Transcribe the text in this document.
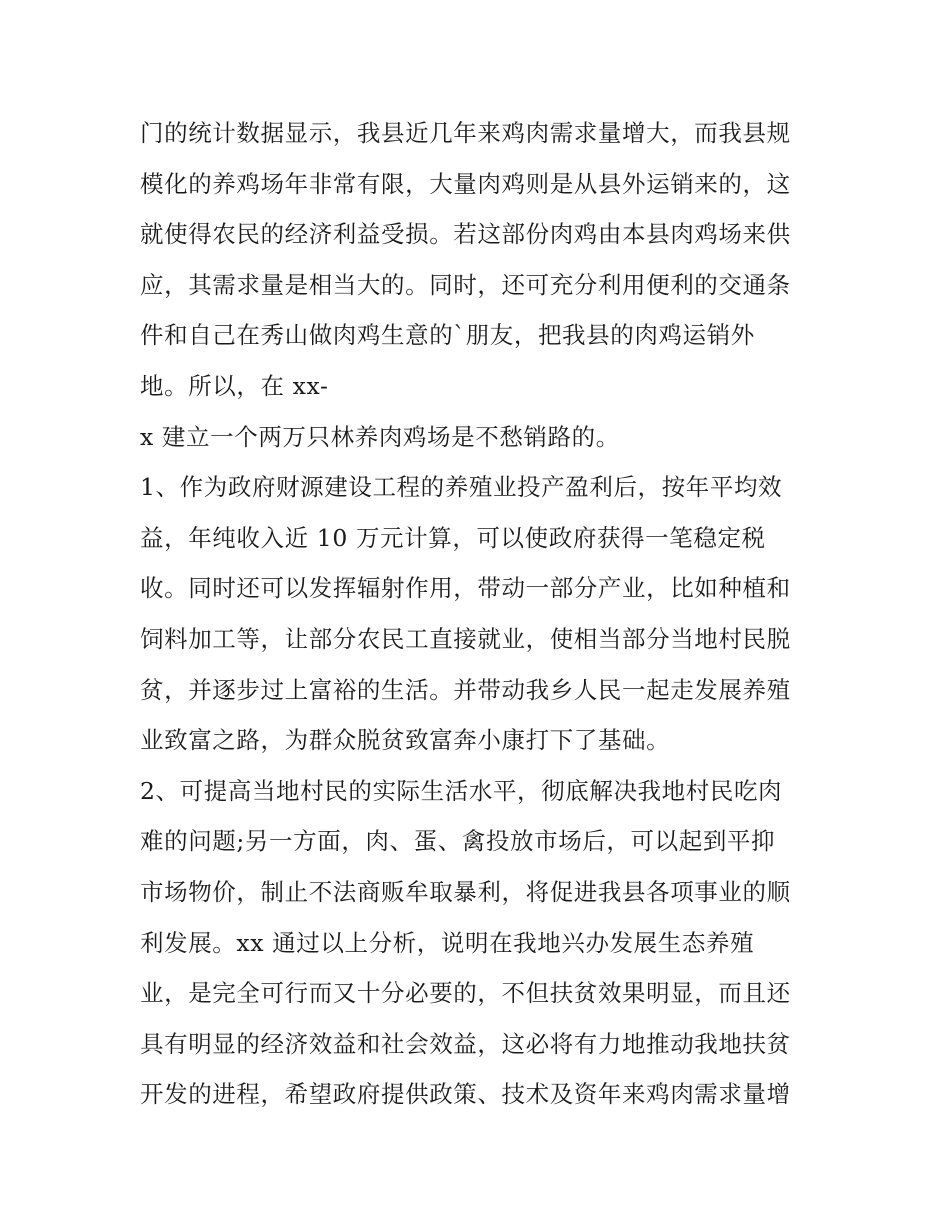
门的统计数据显示，我县近几年来鸡肉需求量增大，而我县规
模化的养鸡场年非常有限，大量肉鸡则是从县外运销来的，这
就使得农民的经济利益受损。若这部份肉鸡由本县肉鸡场来供
应，其需求量是相当大的。同时，还可充分利用便利的交通条
件和自己在秀山做肉鸡生意的`朋友，把我县的肉鸡运销外
地。所以，在 xx-
x 建立一个两万只林养肉鸡场是不愁销路的。
1、作为政府财源建设工程的养殖业投产盈利后，按年平均效
益，年纯收入近 10 万元计算，可以使政府获得一笔稳定税
收。同时还可以发挥辐射作用，带动一部分产业，比如种植和
饲料加工等，让部分农民工直接就业，使相当部分当地村民脱
贫，并逐步过上富裕的生活。并带动我乡人民一起走发展养殖
业致富之路，为群众脱贫致富奔小康打下了基础。
2、可提高当地村民的实际生活水平，彻底解决我地村民吃肉
难的问题;另一方面，肉、蛋、禽投放市场后，可以起到平抑
市场物价，制止不法商贩牟取暴利，将促进我县各项事业的顺
利发展。xx 通过以上分析，说明在我地兴办发展生态养殖
业，是完全可行而又十分必要的，不但扶贫效果明显，而且还
具有明显的经济效益和社会效益，这必将有力地推动我地扶贫
开发的进程，希望政府提供政策、技术及资年来鸡肉需求量增
